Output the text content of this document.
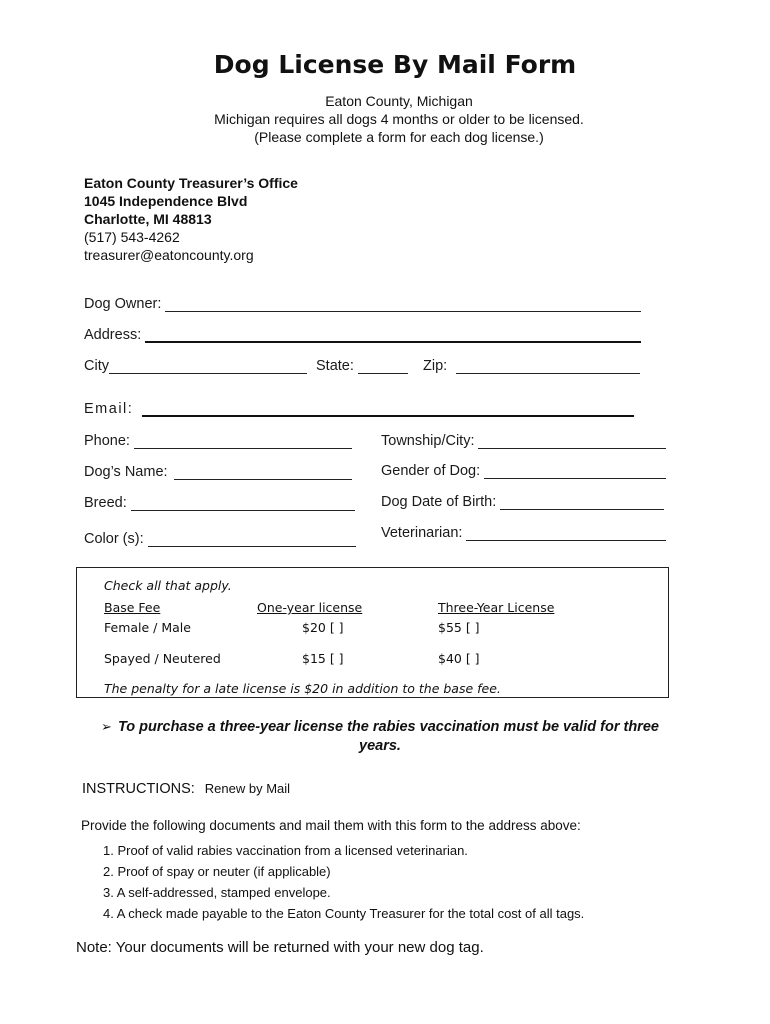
Dog License By Mail Form
Eaton County, Michigan
Michigan requires all dogs 4 months or older to be licensed.
(Please complete a form for each dog license.)
Eaton County Treasurer’s Office
1045 Independence Blvd
Charlotte, MI 48813
(517) 543-4262
treasurer@eatoncounty.org
Dog Owner:
Address:
City	State:	Zip:
Email:
Phone:	Township/City:
Dog’s Name:	Gender of Dog:
Breed:	Dog Date of Birth:
Color (s):	Veterinarian:
Check all that apply.
Base Fee	One-year license	Three-Year License
Female / Male	$20 [ ]	$55 [ ]
Spayed / Neutered	$15 [ ]	$40 [ ]
The penalty for a late license is $20 in addition to the base fee.
➢ To purchase a three-year license the rabies vaccination must be valid for three years.
INSTRUCTIONS: Renew by Mail
Provide the following documents and mail them with this form to the address above:
1. Proof of valid rabies vaccination from a licensed veterinarian.
2. Proof of spay or neuter (if applicable)
3. A self-addressed, stamped envelope.
4. A check made payable to the Eaton County Treasurer for the total cost of all tags.
Note: Your documents will be returned with your new dog tag.
